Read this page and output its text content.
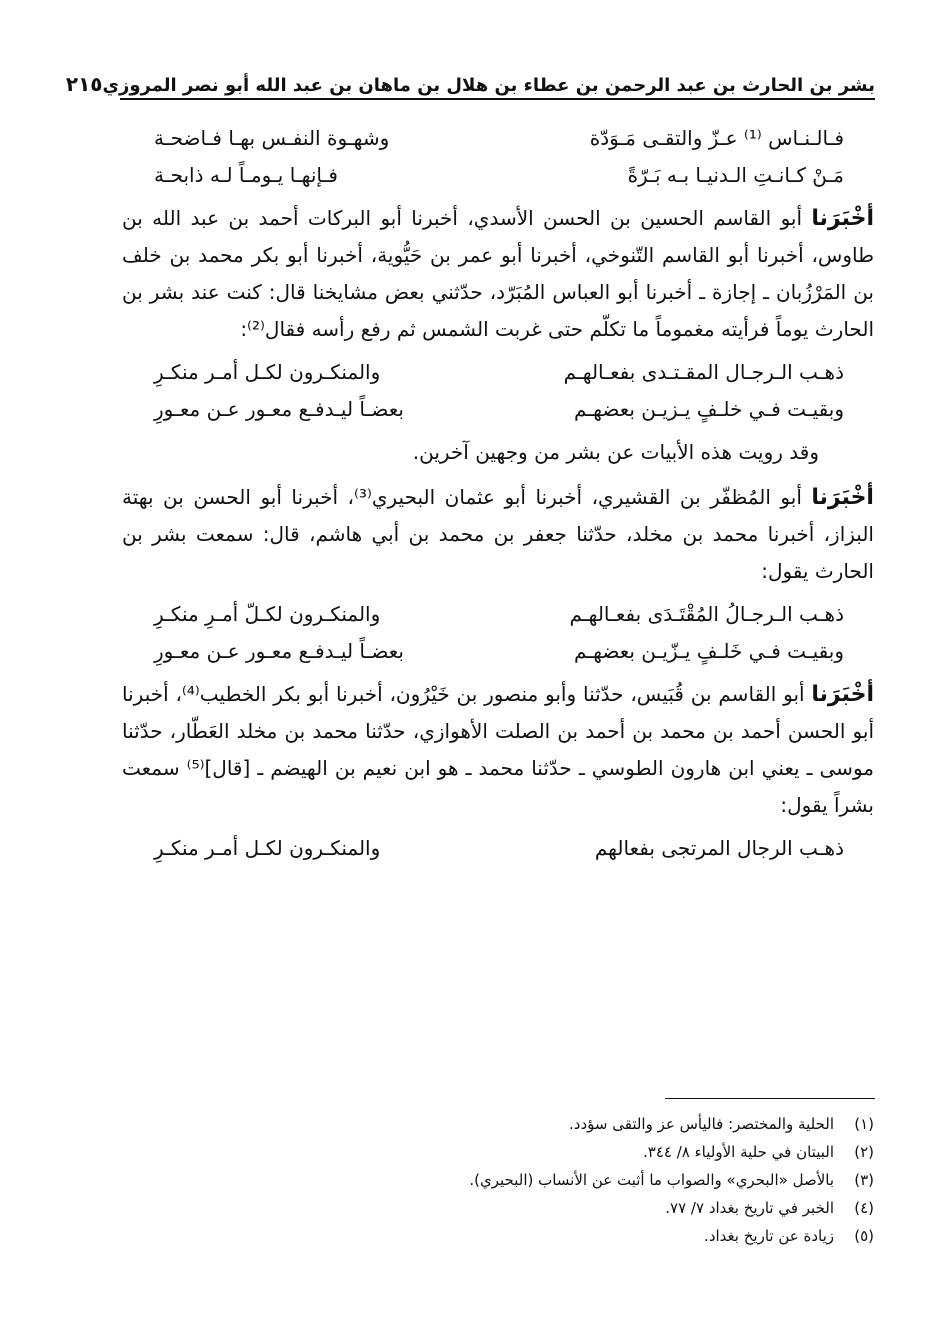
بشر بن الحارث بن عبد الرحمن بن عطاء بن هلال بن ماهان بن عبد الله أبو نصر المروزي
٢١٥
فـالـنـاس ⁽¹⁾ عـزّ والتقـى مَـوَدّة
وشهـوة النفـس بهـا فـاضحـة
مَـنْ كـانـتِ الـدنيـا بـه بَـرّةً
فـإنهـا يـومـاً لـه ذابحـة

أخْبَرَنا أبو القاسم الحسين بن الحسن الأسدي، أخبرنا أبو البركات أحمد بن عبد الله بن طاوس، أخبرنا أبو القاسم التّنوخي، أخبرنا أبو عمر بن حَيُّوية، أخبرنا أبو بكر محمد بن خلف بن المَرْزُبان ـ إجازة ـ أخبرنا أبو العباس المُبَرّد، حدّثني بعض مشايخنا قال: كنت عند بشر بن الحارث يوماً فرأيته مغموماً ما تكلّم حتى غربت الشمس ثم رفع رأسه فقال⁽²⁾:

ذهـب الـرجـال المقـتـدى بفعـالهـم
والمنكـرون لكـل أمـر منكـرِ
وبقيـت فـي خلـفٍ يـزيـن بعضهـم
بعضـاً ليـدفـع معـور عـن معـورِ
وقد رويت هذه الأبيات عن بشر من وجهين آخرين.

أخْبَرَنا أبو المُظفّر بن القشيري، أخبرنا أبو عثمان البحيري⁽³⁾، أخبرنا أبو الحسن بن بهتة البزاز، أخبرنا محمد بن مخلد، حدّثنا جعفر بن محمد بن أبي هاشم، قال: سمعت بشر بن الحارث يقول:

ذهـب الـرجـالُ المُقْتَـدَى بفعـالهـم
والمنكـرون لكـلّ أمـرِ منكـرِ
وبقيـت فـي خَلـفٍ يـزّيـن بعضهـم
بعضـاً ليـدفـع معـور عـن معـورِ

أخْبَرَنا أبو القاسم بن قُبَيس، حدّثنا وأبو منصور بن خَيْرُون، أخبرنا أبو بكر الخطيب⁽⁴⁾، أخبرنا أبو الحسن أحمد بن محمد بن أحمد بن الصلت الأهوازي، حدّثنا محمد بن مخلد العَطّار، حدّثنا موسى ـ يعني ابن هارون الطوسي ـ حدّثنا محمد ـ هو ابن نعيم بن الهيضم ـ [قال]⁽⁵⁾ سمعت بشراً يقول:

ذهـب الرجال المرتجى بفعالهم
والمنكـرون لكـل أمـر منكـرِ
(١)
الحلية والمختصر: فاليأس عز والتقى سؤدد.
(٢)
البيتان في حلية الأولياء ٨/ ٣٤٤.
(٣)
بالأصل «البحري» والصواب ما أثبت عن الأنساب (البحيري).
(٤)
الخبر في تاريخ بغداد ٧/ ٧٧.
(٥)
زيادة عن تاريخ بغداد.
